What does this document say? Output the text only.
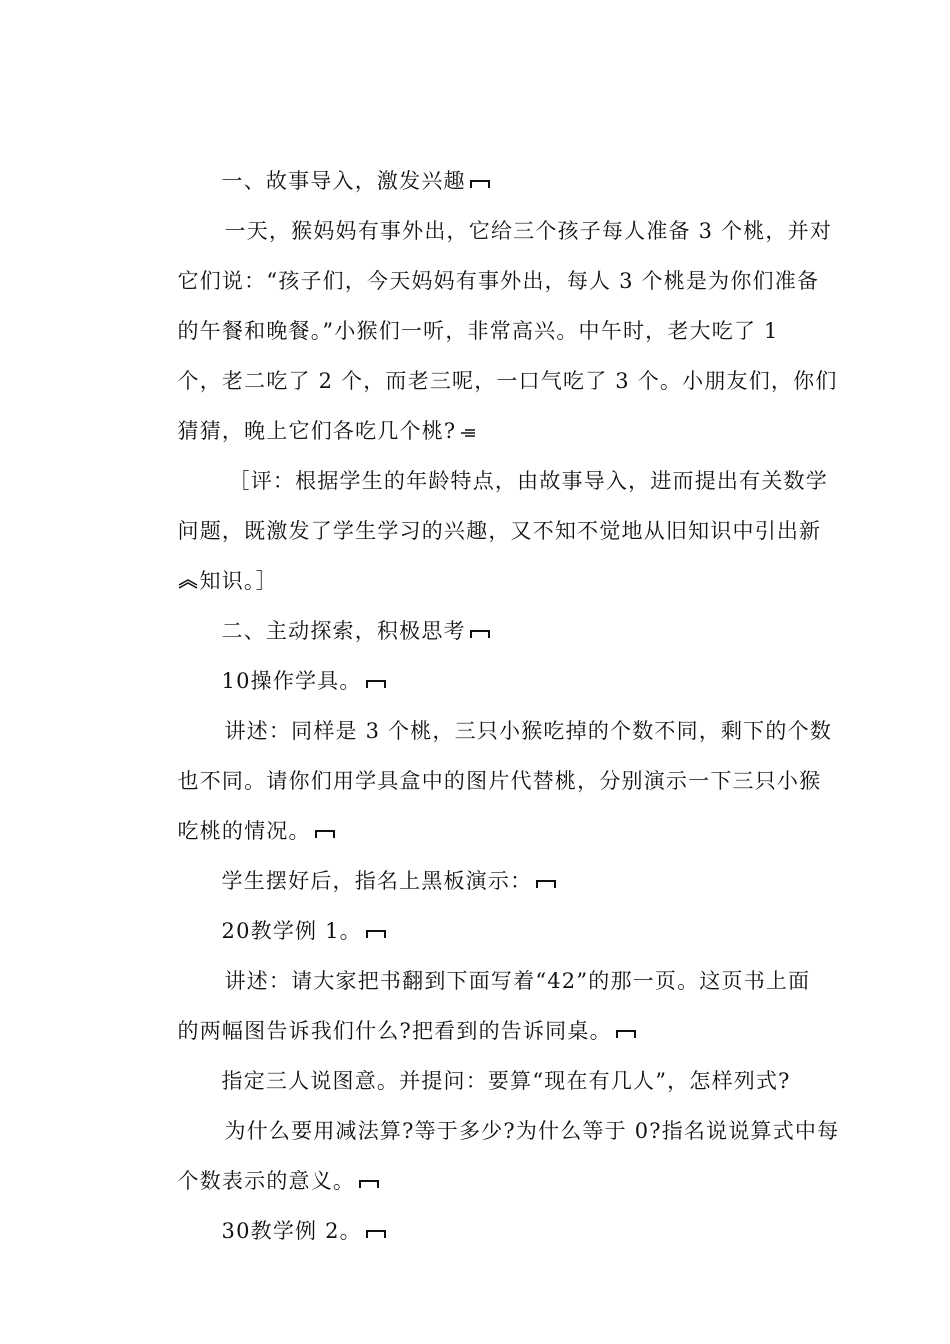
一、故事导入，激发兴趣

一天，猴妈妈有事外出，它给三个孩子每人准备 3 个桃，并对

它们说：“孩子们，今天妈妈有事外出，每人 3 个桃是为你们准备

的午餐和晚餐。”小猴们一听，非常高兴。中午时，老大吃了 1

个，老二吃了 2 个，而老三呢，一口气吃了 3 个。小朋友们，你们

猜猜，晚上它们各吃几个桃?

［评：根据学生的年龄特点，由故事导入，进而提出有关数学

问题，既激发了学生学习的兴趣，又不知不觉地从旧知识中引出新

知识。］

二、主动探索，积极思考

10操作学具。

讲述：同样是 3 个桃，三只小猴吃掉的个数不同，剩下的个数

也不同。请你们用学具盒中的图片代替桃，分别演示一下三只小猴

吃桃的情况。

学生摆好后，指名上黑板演示：

20教学例 1。

讲述：请大家把书翻到下面写着“42”的那一页。这页书上面

的两幅图告诉我们什么?把看到的告诉同桌。

指定三人说图意。并提问：要算“现在有几人”，怎样列式?

为什么要用减法算?等于多少?为什么等于 0?指名说说算式中每

个数表示的意义。

30教学例 2。
